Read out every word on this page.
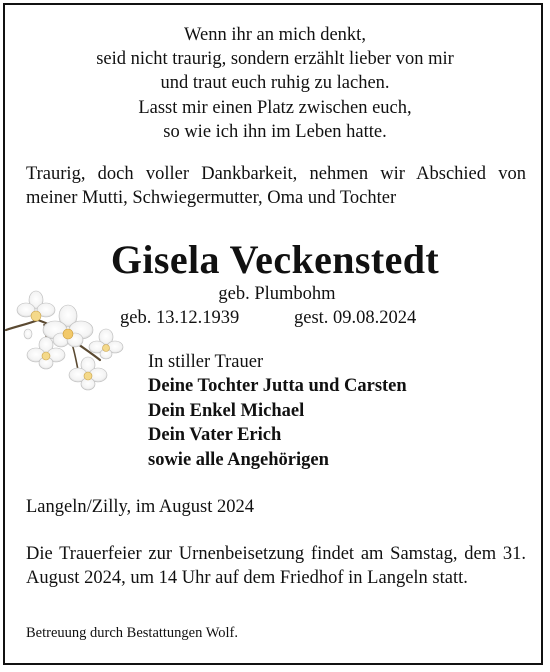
Wenn ihr an mich denkt,
seid nicht traurig, sondern erzählt lieber von mir
und traut euch ruhig zu lachen.
Lasst mir einen Platz zwischen euch,
so wie ich ihn im Leben hatte.
Traurig, doch voller Dankbarkeit, nehmen wir Abschied von meiner Mutti, Schwiegermutter, Oma und Tochter
Gisela Veckenstedt
geb. Plumbohm
geb. 13.12.1939	gest. 09.08.2024
In stiller Trauer
Deine Tochter Jutta und Carsten
Dein Enkel Michael
Dein Vater Erich
sowie alle Angehörigen
Langeln/Zilly, im August 2024
Die Trauerfeier zur Urnenbeisetzung findet am Samstag, dem 31. August 2024, um 14 Uhr auf dem Friedhof in Langeln statt.
Betreuung durch Bestattungen Wolf.
